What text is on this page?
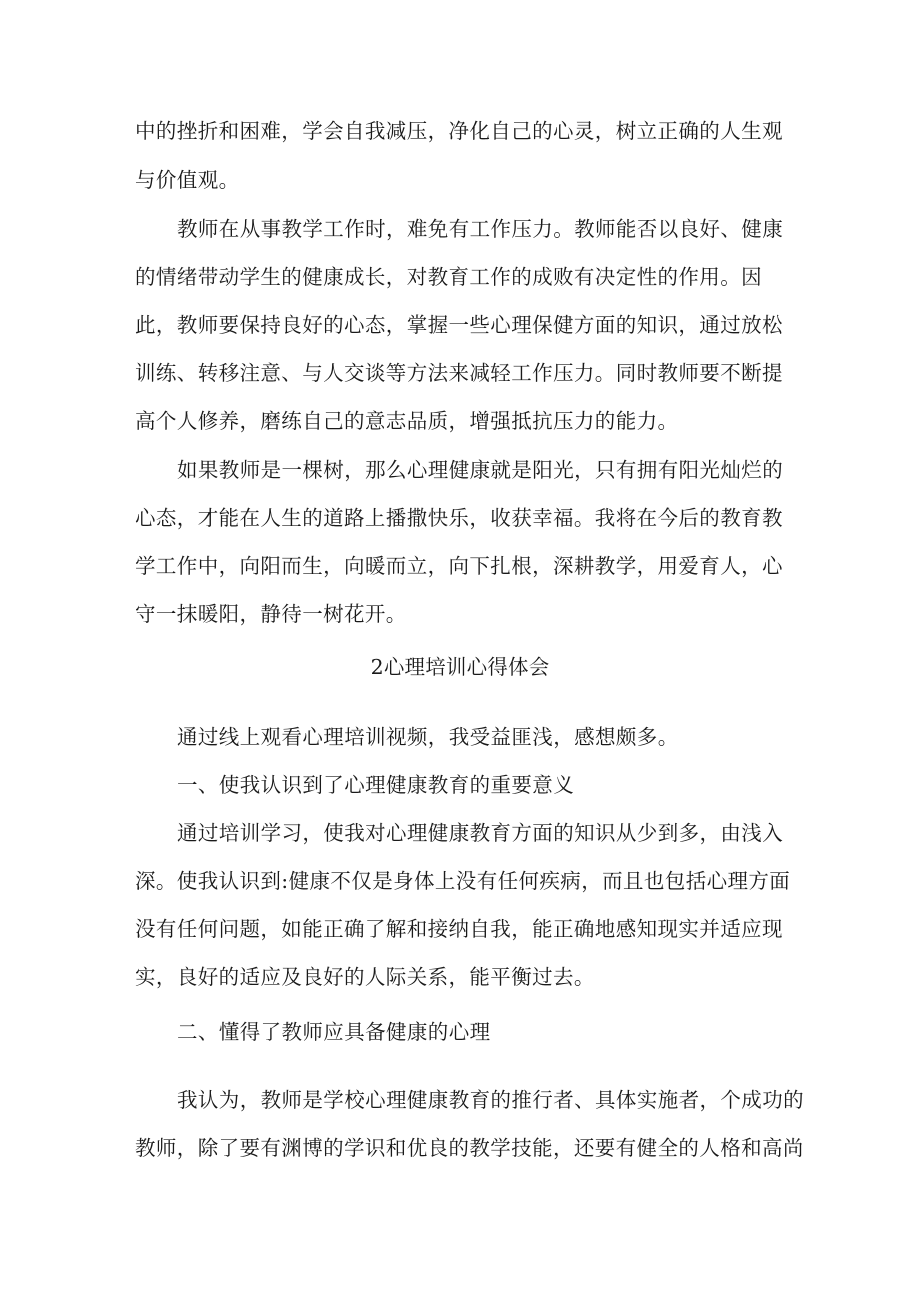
中的挫折和困难，学会自我减压，净化自己的心灵，树立正确的人生观

与价值观。

教师在从事教学工作时，难免有工作压力。教师能否以良好、健康

的情绪带动学生的健康成长，对教育工作的成败有决定性的作用。因

此，教师要保持良好的心态，掌握一些心理保健方面的知识，通过放松

训练、转移注意、与人交谈等方法来减轻工作压力。同时教师要不断提

高个人修养，磨练自己的意志品质，增强抵抗压力的能力。

如果教师是一棵树，那么心理健康就是阳光，只有拥有阳光灿烂的

心态，才能在人生的道路上播撒快乐，收获幸福。我将在今后的教育教

学工作中，向阳而生，向暖而立，向下扎根，深耕教学，用爱育人，心

守一抹暖阳，静待一树花开。

2心理培训心得体会

通过线上观看心理培训视频，我受益匪浅，感想颇多。

一、使我认识到了心理健康教育的重要意义

通过培训学习，使我对心理健康教育方面的知识从少到多，由浅入

深。使我认识到:健康不仅是身体上没有任何疾病，而且也包括心理方面

没有任何问题，如能正确了解和接纳自我，能正确地感知现实并适应现

实，良好的适应及良好的人际关系，能平衡过去。

二、懂得了教师应具备健康的心理

我认为，教师是学校心理健康教育的推行者、具体实施者，个成功的

教师，除了要有渊博的学识和优良的教学技能，还要有健全的人格和高尚
